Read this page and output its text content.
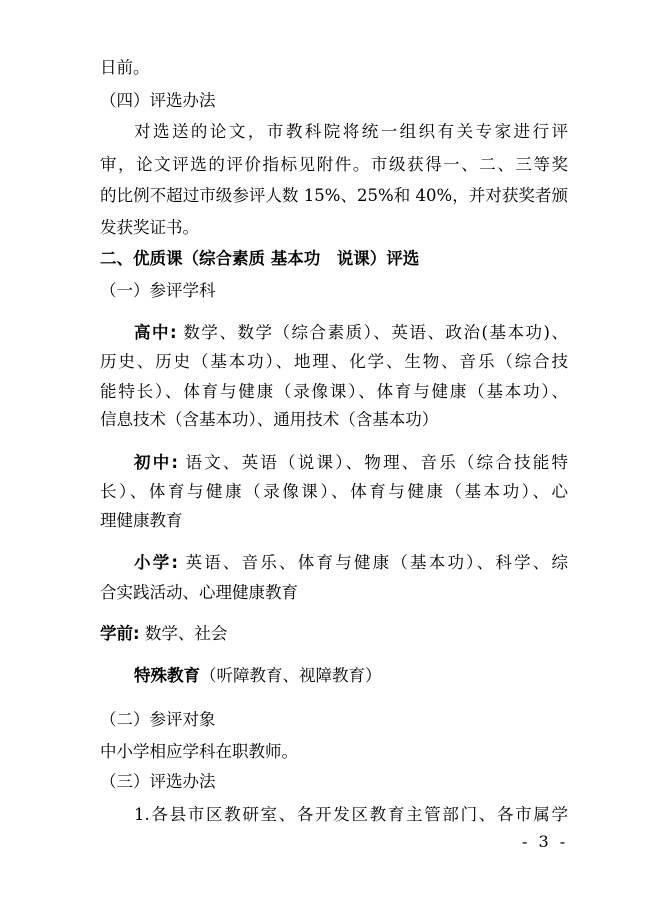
日前。
（四）评选办法
对选送的论文，市教科院将统一组织有关专家进行评
审，论文评选的评价指标见附件。市级获得一、二、三等奖
的比例不超过市级参评人数 15%、25%和 40%，并对获奖者颁
发获奖证书。
二、优质课（综合素质 基本功　说课）评选
（一）参评学科
高中: 数学、数学（综合素质）、英语、政治(基本功)、
历史、历史（基本功）、地理、化学、生物、音乐（综合技
能特长）、体育与健康（录像课）、体育与健康（基本功）、
信息技术（含基本功）、通用技术（含基本功）
初中: 语文、英语（说课）、物理、音乐（综合技能特
长）、体育与健康（录像课）、体育与健康（基本功）、心
理健康教育
小学: 英语、音乐、体育与健康（基本功）、科学、综
合实践活动、心理健康教育
学前: 数学、社会
特殊教育（听障教育、视障教育）
（二）参评对象
中小学相应学科在职教师。
（三）评选办法
1.各县市区教研室、各开发区教育主管部门、各市属学
- 3 -
